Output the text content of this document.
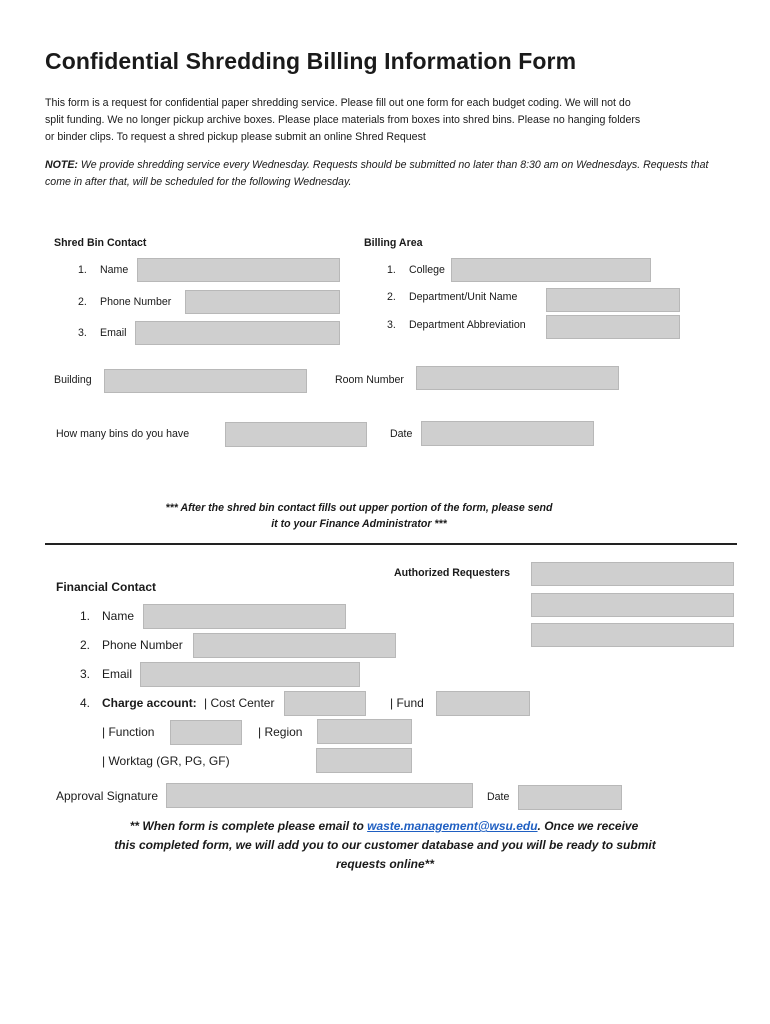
Confidential Shredding Billing Information Form
This form is a request for confidential paper shredding service. Please fill out one form for each budget coding. We will not do
split funding. We no longer pickup archive boxes. Please place materials from boxes into shred bins. Please no hanging folders
or binder clips. To request a shred pickup please submit an online Shred Request
NOTE: We provide shredding service every Wednesday. Requests should be submitted no later than 8:30 am on Wednesdays. Requests that come in after that, will be scheduled for the following Wednesday.
Shred Bin Contact
1. Name
2. Phone Number
3. Email
Billing Area
1. College
2. Department/Unit Name
3. Department Abbreviation
Building	Room Number
How many bins do you have	Date
*** After the shred bin contact fills out upper portion of the form, please send
it to your Finance Administrator ***
Financial Contact
Authorized Requesters
1. Name
2. Phone Number
3. Email
4. Charge account: | Cost Center	| Fund
| Function	| Region
| Worktag (GR, PG, GF)
Approval Signature	Date
** When form is complete please email to waste.management@wsu.edu. Once we receive
this completed form, we will add you to our customer database and you will be ready to submit
requests online**
